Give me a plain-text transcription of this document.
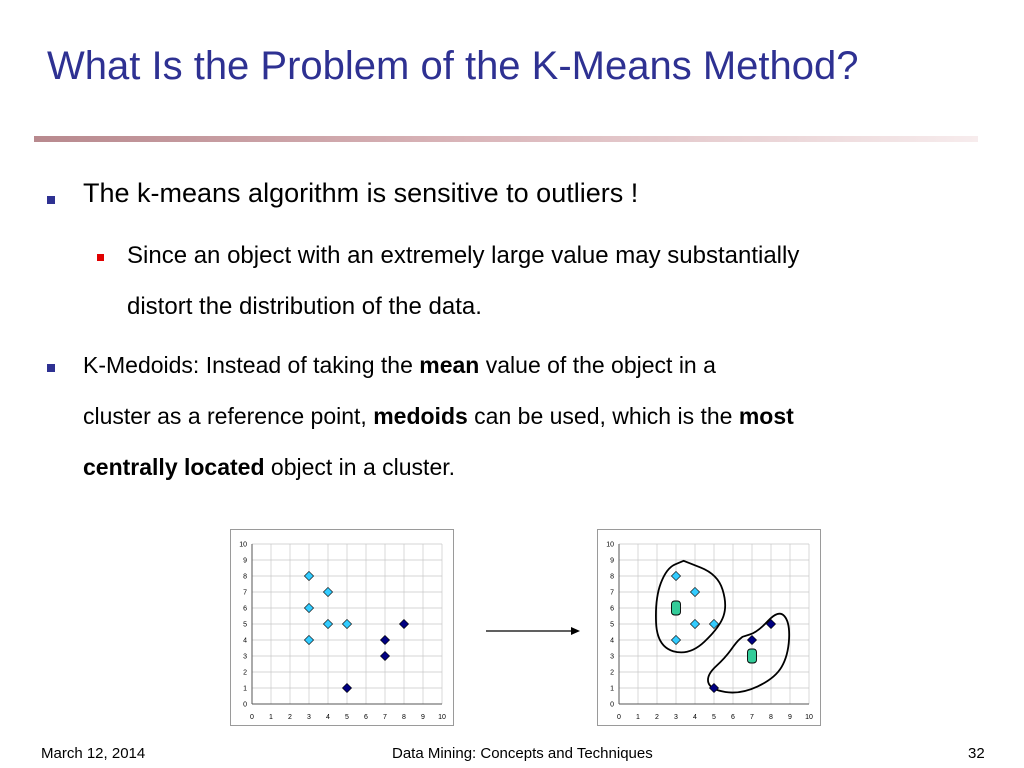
What Is the Problem of the K-Means Method?
The k-means algorithm is sensitive to outliers !
Since an object with an extremely large value may substantially
distort the distribution of the data.
K-Medoids: Instead of taking the mean value of the object in a
cluster as a reference point, medoids can be used, which is the most
centrally located object in a cluster.
0 1 2 3 4 5 6 7 8 9 10
0
1
2
3
4
5
6
7
8
9
10
0 1 2 3 4 5 6 7 8 9 10
0
1
2
3
4
5
6
7
8
9
10
March 12, 2014	Data Mining: Concepts and Techniques	32
